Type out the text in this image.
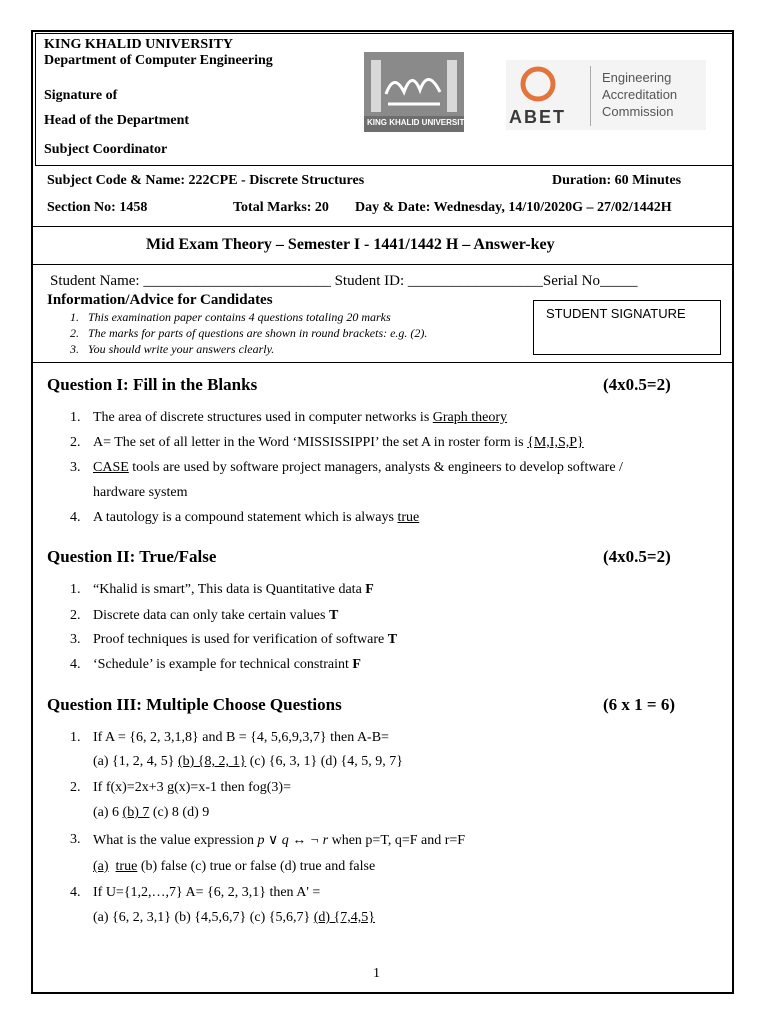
KING KHALID UNIVERSITY
Department of Computer Engineering
Signature of
Head of the Department
Subject Coordinator
KING KHALID UNIVERSITY ABET
Engineering
Accreditation
Commission
Subject Code & Name: 222CPE - Discrete Structures	Duration: 60 Minutes
Section No: 1458	Total Marks: 20 Day & Date: Wednesday, 14/10/2020G – 27/02/1442H
Mid Exam Theory – Semester I - 1441/1442 H – Answer-key
Student Name: _________________________ Student ID: __________________Serial No_____
Information/Advice for Candidates
1.   This examination paper contains 4 questions totaling 20 marks
2.   The marks for parts of questions are shown in round brackets: e.g. (2).
3.   You should write your answers clearly.
STUDENT SIGNATURE
Question I: Fill in the Blanks	(4x0.5=2)
1. The area of discrete structures used in computer networks is Graph theory
2. A= The set of all letter in the Word ‘MISSISSIPPI’ the set A in roster form is {M,I,S,P}
3. CASE tools are used by software project managers, analysts & engineers to develop software /
hardware system
4. A tautology is a compound statement which is always true
Question II: True/False	(4x0.5=2)
1. “Khalid is smart”, This data is Quantitative data F
2. Discrete data can only take certain values T
3. Proof techniques is used for verification of software T
4. ‘Schedule’ is example for technical constraint F
Question III: Multiple Choose Questions	(6 x 1 = 6)
1. If A = {6, 2, 3,1,8} and B = {4, 5,6,9,3,7} then A-B=
(a) {1, 2, 4, 5} (b) {8, 2, 1} (c) {6, 3, 1} (d) {4, 5, 9, 7}
2. If f(x)=2x+3 g(x)=x-1 then fog(3)=
(a) 6 (b) 7 (c) 8 (d) 9
3. What is the value expression p ∨ q ↔ ¬ r when p=T, q=F and r=F
(a) true (b) false (c) true or false (d) true and false
4. If U={1,2,…,7} A= {6, 2, 3,1} then A' =
(a) {6, 2, 3,1} (b) {4,5,6,7} (c) {5,6,7} (d) {7,4,5}
1
